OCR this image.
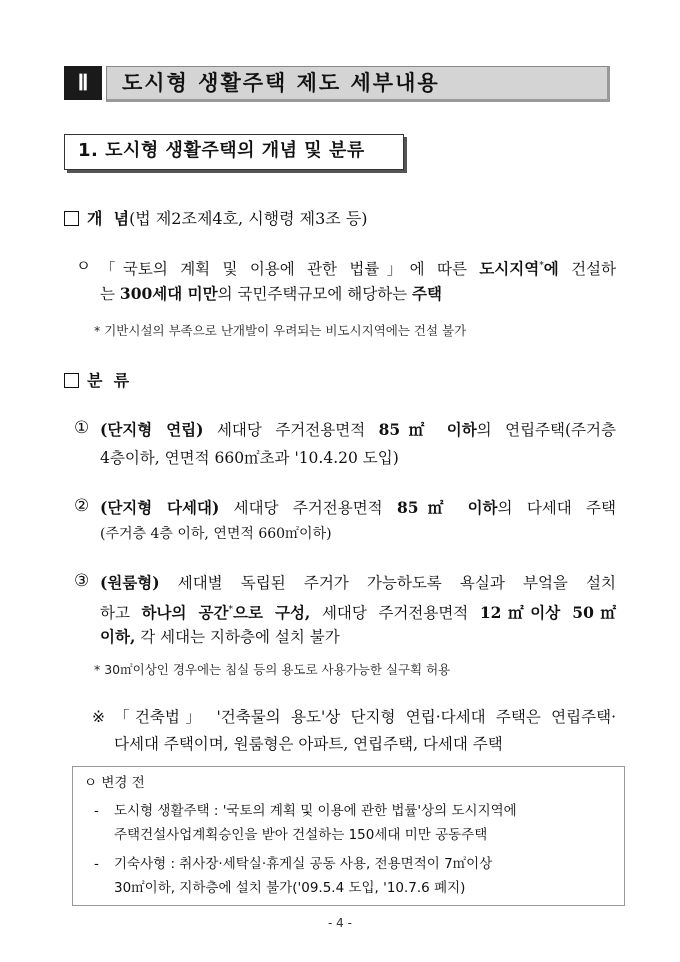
Ⅱ	도시형 생활주택 제도 세부내용
1. 도시형 생활주택의 개념 및 분류
개  념(법 제2조제4호, 시행령 제3조 등)
ㅇ 「국토의 계획 및 이용에 관한 법률」에 따른 도시지역*에 건설하
는 300세대 미만의 국민주택규모에 해당하는 주택
* 기반시설의 부족으로 난개발이 우려되는 비도시지역에는 건설 불가
분  류
① (단지형 연립) 세대당 주거전용면적 85㎡ 이하의 연립주택(주거층
4층이하, 연면적 660㎡초과 '10.4.20 도입)
② (단지형 다세대) 세대당 주거전용면적 85㎡ 이하의 다세대 주택
(주거층 4층 이하, 연면적 660㎡이하)
③ (원룸형) 세대별 독립된 주거가 가능하도록 욕실과 부엌을 설치
하고 하나의 공간*으로 구성, 세대당 주거전용면적 12㎡이상 50㎡
이하, 각 세대는 지하층에 설치 불가
* 30㎡이상인 경우에는 침실 등의 용도로 사용가능한 실구획 허용
※ 「건축법」 '건축물의 용도'상 단지형 연립·다세대 주택은 연립주택·
다세대 주택이며, 원룸형은 아파트, 연립주택, 다세대 주택
ㅇ 변경 전
- 도시형 생활주택 : '국토의 계획 및 이용에 관한 법률'상의 도시지역에
주택건설사업계획승인을 받아 건설하는 150세대 미만 공동주택
- 기숙사형 : 취사장·세탁실·휴게실 공동 사용, 전용면적이 7㎡이상
30㎡이하, 지하층에 설치 불가('09.5.4 도입, '10.7.6 폐지)
- 4 -
